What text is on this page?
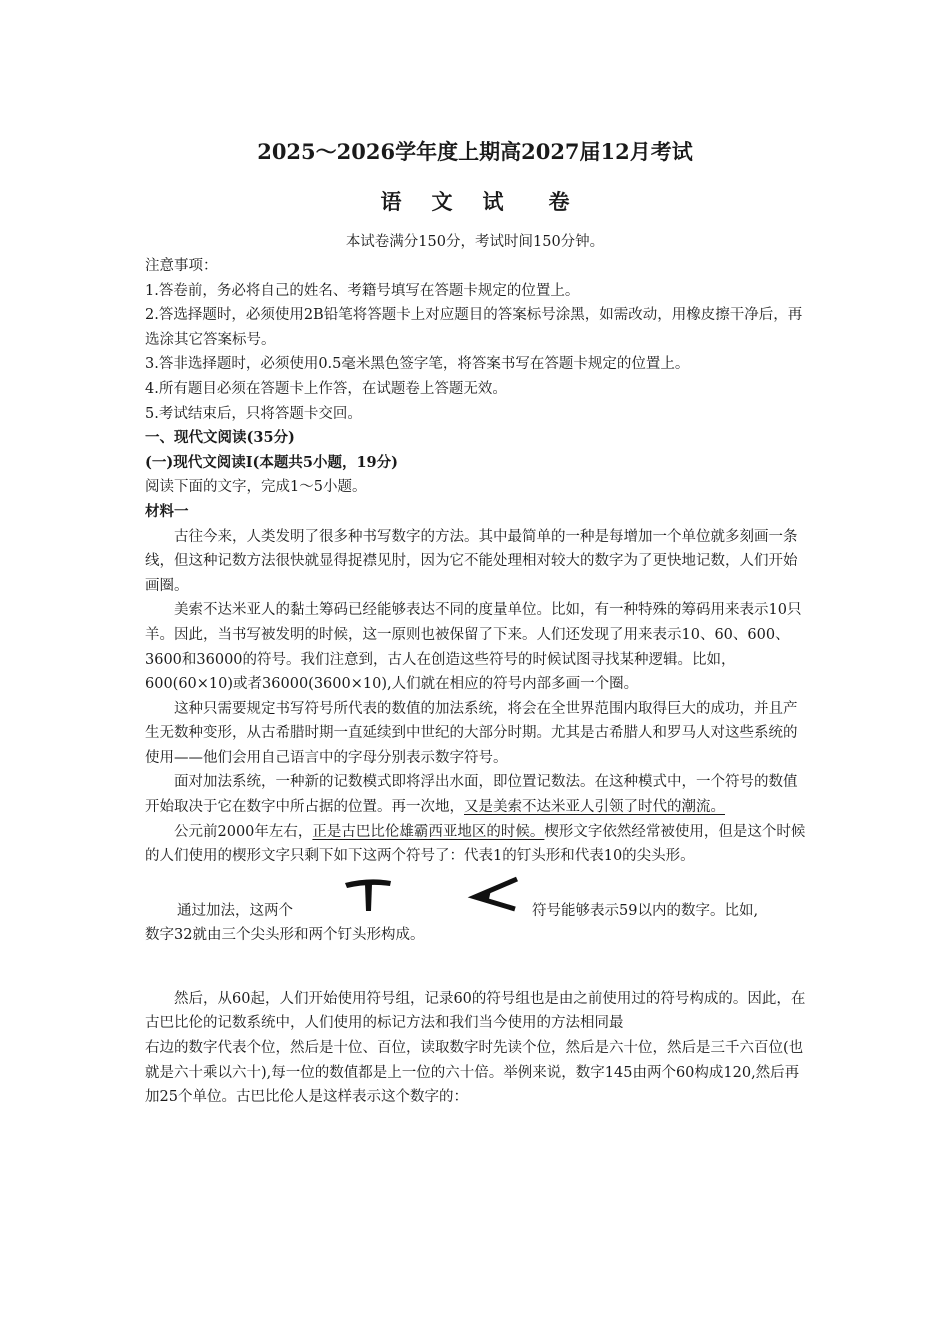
2025～2026学年度上期高2027届12月考试
语 文 试 卷
本试卷满分150分，考试时间150分钟。

注意事项：

1.答卷前，务必将自己的姓名、考籍号填写在答题卡规定的位置上。

2.答选择题时，必须使用2B铅笔将答题卡上对应题目的答案标号涂黑，如需改动，用橡皮擦干净后，再选涂其它答案标号。

3.答非选择题时，必须使用0.5毫米黑色签字笔，将答案书写在答题卡规定的位置上。

4.所有题目必须在答题卡上作答，在试题卷上答题无效。

5.考试结束后，只将答题卡交回。

一、现代文阅读(35分)

(一)现代文阅读Ⅰ(本题共5小题，19分)

阅读下面的文字，完成1～5小题。

材料一

古往今来，人类发明了很多种书写数字的方法。其中最简单的一种是每增加一个单位就多刻画一条线，但这种记数方法很快就显得捉襟见肘，因为它不能处理相对较大的数字为了更快地记数，人们开始画圈。

美索不达米亚人的黏土筹码已经能够表达不同的度量单位。比如，有一种特殊的筹码用来表示10只羊。因此，当书写被发明的时候，这一原则也被保留了下来。人们还发现了用来表示10、60、600、3600和36000的符号。我们注意到，古人在创造这些符号的时候试图寻找某种逻辑。比如，600(60×10)或者36000(3600×10),人们就在相应的符号内部多画一个圈。

这种只需要规定书写符号所代表的数值的加法系统，将会在全世界范围内取得巨大的成功，并且产生无数种变形，从古希腊时期一直延续到中世纪的大部分时期。尤其是古希腊人和罗马人对这些系统的使用——他们会用自己语言中的字母分别表示数字符号。

面对加法系统，一种新的记数模式即将浮出水面，即位置记数法。在这种模式中，一个符号的数值开始取决于它在数字中所占据的位置。再一次地，又是美索不达米亚人引领了时代的潮流。

公元前2000年左右，正是古巴比伦雄霸西亚地区的时候。楔形文字依然经常被使用，但是这个时候的人们使用的楔形文字只剩下如下这两个符号了：代表1的钉头形和代表10的尖头形。

通过加法，这两个	符号能够表示59以内的数字。比如,
数字32就由三个尖头形和两个钉头形构成。

然后，从60起，人们开始使用符号组，记录60的符号组也是由之前使用过的符号构成的。因此，在古巴比伦的记数系统中，人们使用的标记方法和我们当今使用的方法相同最

右边的数字代表个位，然后是十位、百位，读取数字时先读个位，然后是六十位，然后是三千六百位(也就是六十乘以六十),每一位的数值都是上一位的六十倍。举例来说，数字145由两个60构成120,然后再加25个单位。古巴比伦人是这样表示这个数字的：
